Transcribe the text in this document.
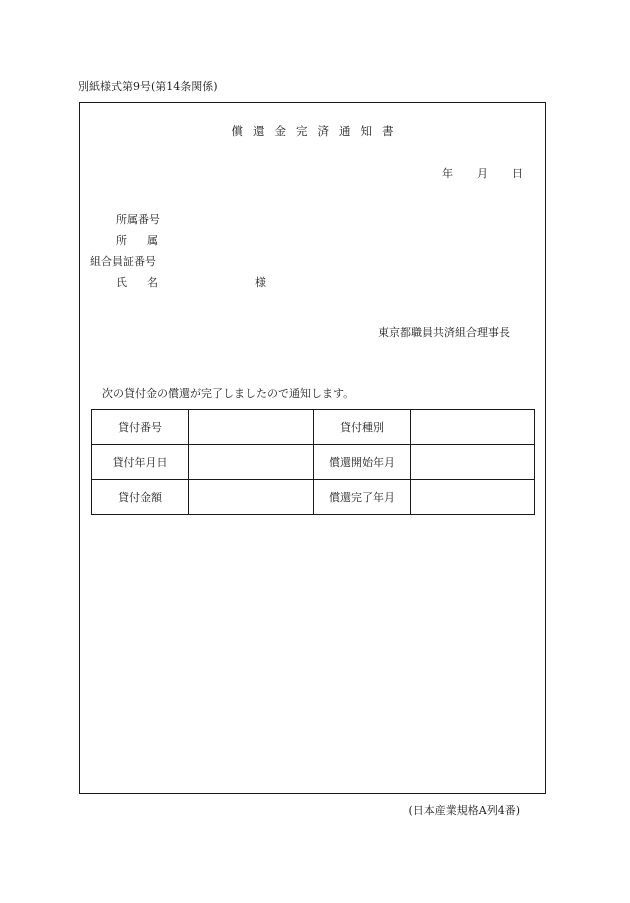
別紙様式第9号(第14条関係)
償還金完済通知書
年 月 日
所属番号
所属
組合員証番号
氏名	様
東京都職員共済組合理事長
次の貸付金の償還が完了しましたので通知します。
貸付番号		貸付種別	
貸付年月日		償還開始年月	
貸付金額		償還完了年月	
(日本産業規格A列4番)
